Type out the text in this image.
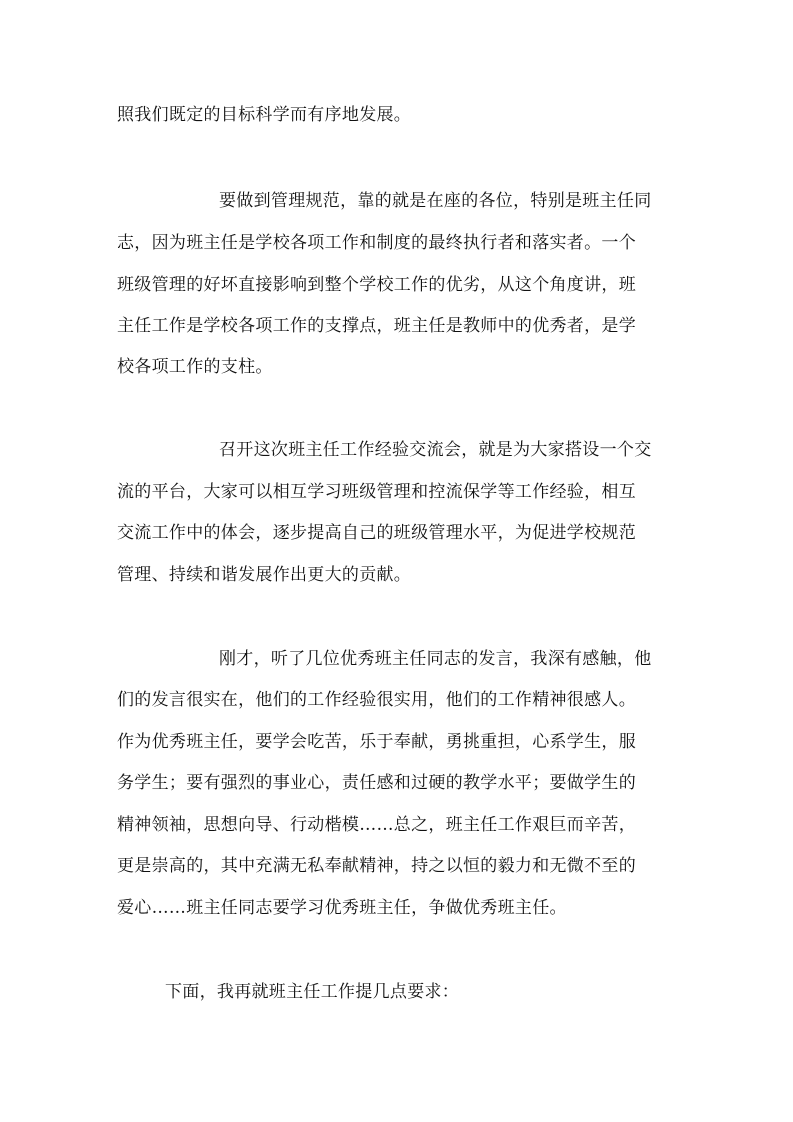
照我们既定的目标科学而有序地发展。
要做到管理规范，靠的就是在座的各位，特别是班主任同
志，因为班主任是学校各项工作和制度的最终执行者和落实者。一个
班级管理的好坏直接影响到整个学校工作的优劣，从这个角度讲，班
主任工作是学校各项工作的支撑点，班主任是教师中的优秀者，是学
校各项工作的支柱。
召开这次班主任工作经验交流会，就是为大家搭设一个交
流的平台，大家可以相互学习班级管理和控流保学等工作经验，相互
交流工作中的体会，逐步提高自己的班级管理水平，为促进学校规范
管理、持续和谐发展作出更大的贡献。
刚才，听了几位优秀班主任同志的发言，我深有感触，他
们的发言很实在，他们的工作经验很实用，他们的工作精神很感人。
作为优秀班主任，要学会吃苦，乐于奉献，勇挑重担，心系学生，服
务学生；要有强烈的事业心，责任感和过硬的教学水平；要做学生的
精神领袖，思想向导、行动楷模……总之，班主任工作艰巨而辛苦，
更是崇高的，其中充满无私奉献精神，持之以恒的毅力和无微不至的
爱心……班主任同志要学习优秀班主任，争做优秀班主任。
下面，我再就班主任工作提几点要求：
